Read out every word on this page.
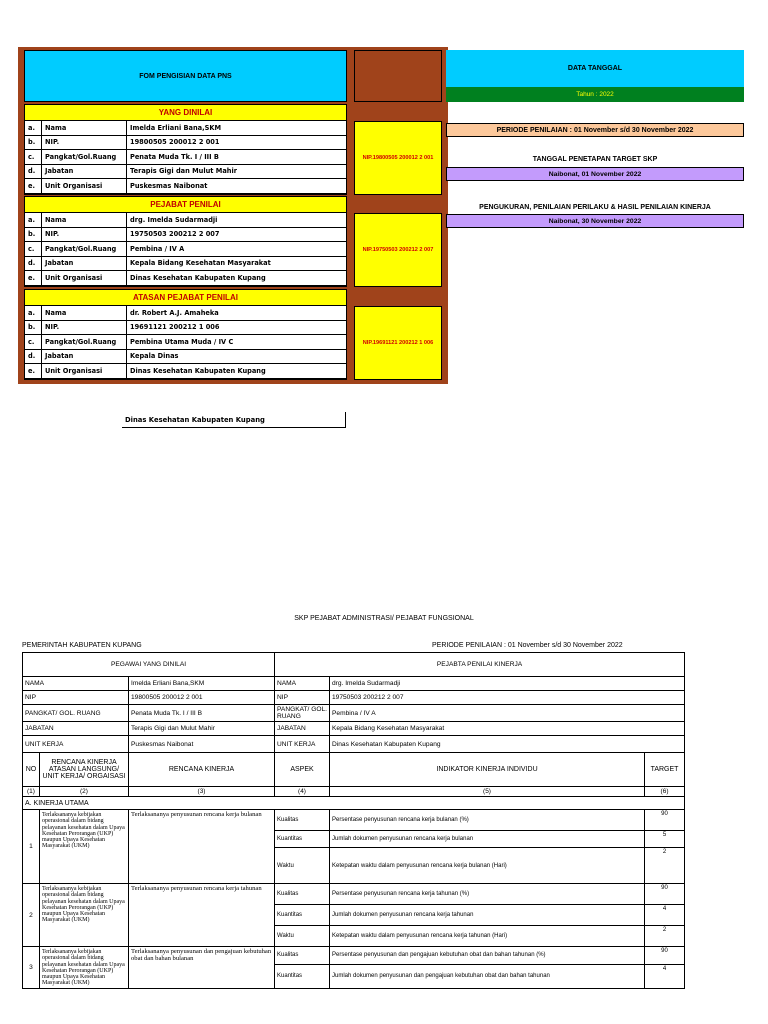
FOM PENGISIAN DATA PNS
YANG DINILAI
a.	Nama	Imelda Erliani Bana,SKM
b.	NIP.	19800505 200012 2 001
c.	Pangkat/Gol.Ruang	Penata Muda Tk. I / III B
d.	Jabatan	Terapis Gigi dan Mulut Mahir
e.	Unit Organisasi	Puskesmas Naibonat
NIP.19800505 200012 2 001
PEJABAT PENILAI
a.	Nama	drg. Imelda Sudarmadji
b.	NIP.	19750503 200212 2 007
c.	Pangkat/Gol.Ruang	Pembina / IV A
d.	Jabatan	Kepala Bidang Kesehatan Masyarakat
e.	Unit Organisasi	Dinas Kesehatan Kabupaten Kupang
NIP.19750503 200212 2 007
ATASAN PEJABAT PENILAI
a.	Nama	dr. Robert A.J. Amaheka
b.	NIP.	19691121 200212 1 006
c.	Pangkat/Gol.Ruang	Pembina Utama Muda / IV C
d.	Jabatan	Kepala Dinas
e.	Unit Organisasi	Dinas Kesehatan Kabupaten Kupang
NIP.19691121 200212 1 006
Dinas Kesehatan Kabupaten Kupang
DATA TANGGAL
Tahun : 2022
PERIODE PENILAIAN : 01 November s/d 30 November 2022
TANGGAL PENETAPAN TARGET SKP
Naibonat, 01 November 2022
PENGUKURAN, PENILAIAN PERILAKU & HASIL PENILAIAN KINERJA
Naibonat, 30 November 2022
SKP PEJABAT ADMINISTRASI/ PEJABAT FUNGSIONAL
PEMERINTAH KABUPATEN KUPANG	PERIODE PENILAIAN : 01 November s/d 30 November 2022
PEGAWAI YANG DINILAI			PEJABTA PENILAI KINERJA		
NAMA		Imelda Erliani Bana,SKM	NAMA	drg. Imelda Sudarmadji	
NIP		19800505 200012 2 001	NIP	19750503 200212 2 007	
PANGKAT/ GOL. RUANG		Penata Muda Tk. I / III B	PANGKAT/ GOL. RUANG	Pembina / IV A	
JABATAN		Terapis Gigi dan Mulut Mahir	JABATAN	Kepala Bidang Kesehatan Masyarakat	
UNIT KERJA		Puskesmas Naibonat	UNIT KERJA	Dinas Kesehatan Kabupaten Kupang	
NO	RENCANA KINERJA ATASAN LANGSUNG/ UNIT KERJA/ ORGAISASI	RENCANA KINERJA	ASPEK	INDIKATOR KINERJA INDIVIDU	TARGET
(1)	(2)	(3)	(4)	(5)	(6)
A. KINERJA UTAMA					
1	Terlaksananya kebijakan operasional dalam bidang pelayanan kesehatan dalam Upaya Kesehatan Perorangan (UKP) maupun Upaya Kesehatan Masyarakat (UKM)	Terlaksananya penyusunan rencana kerja bulanan	Kualitas	Persentase penyusunan rencana kerja bulanan (%)	90
			Kuantitas	Jumlah dokumen penyusunan rencana kerja bulanan	5
			Waktu	Ketepatan waktu dalam penyusunan rencana kerja bulanan (Hari)	2
2	Terlaksananya kebijakan operasional dalam bidang pelayanan kesehatan dalam Upaya Kesehatan Perorangan (UKP) maupun Upaya Kesehatan Masyarakat (UKM)	Terlaksananya penyusunan rencana kerja tahunan	Kualitas	Persentase penyusunan rencana kerja tahunan (%)	90
			Kuantitas	Jumlah dokumen penyusunan rencana kerja tahunan	4
			Waktu	Ketepatan waktu dalam penyusunan rencana kerja tahunan (Hari)	2
3	Terlaksananya kebijakan operasional dalam bidang pelayanan kesehatan dalam Upaya Kesehatan Perorangan (UKP) maupun Upaya Kesehatan Masyarakat (UKM)	Terlaksananya penyusunan dan pengajuan kebutuhan obat dan bahan bulanan	Kualitas	Persentase penyusunan dan pengajuan kebutuhan obat dan bahan tahunan (%)	90
			Kuantitas	Jumlah dokumen penyusunan dan pengajuan kebutuhan obat dan bahan tahunan	4
